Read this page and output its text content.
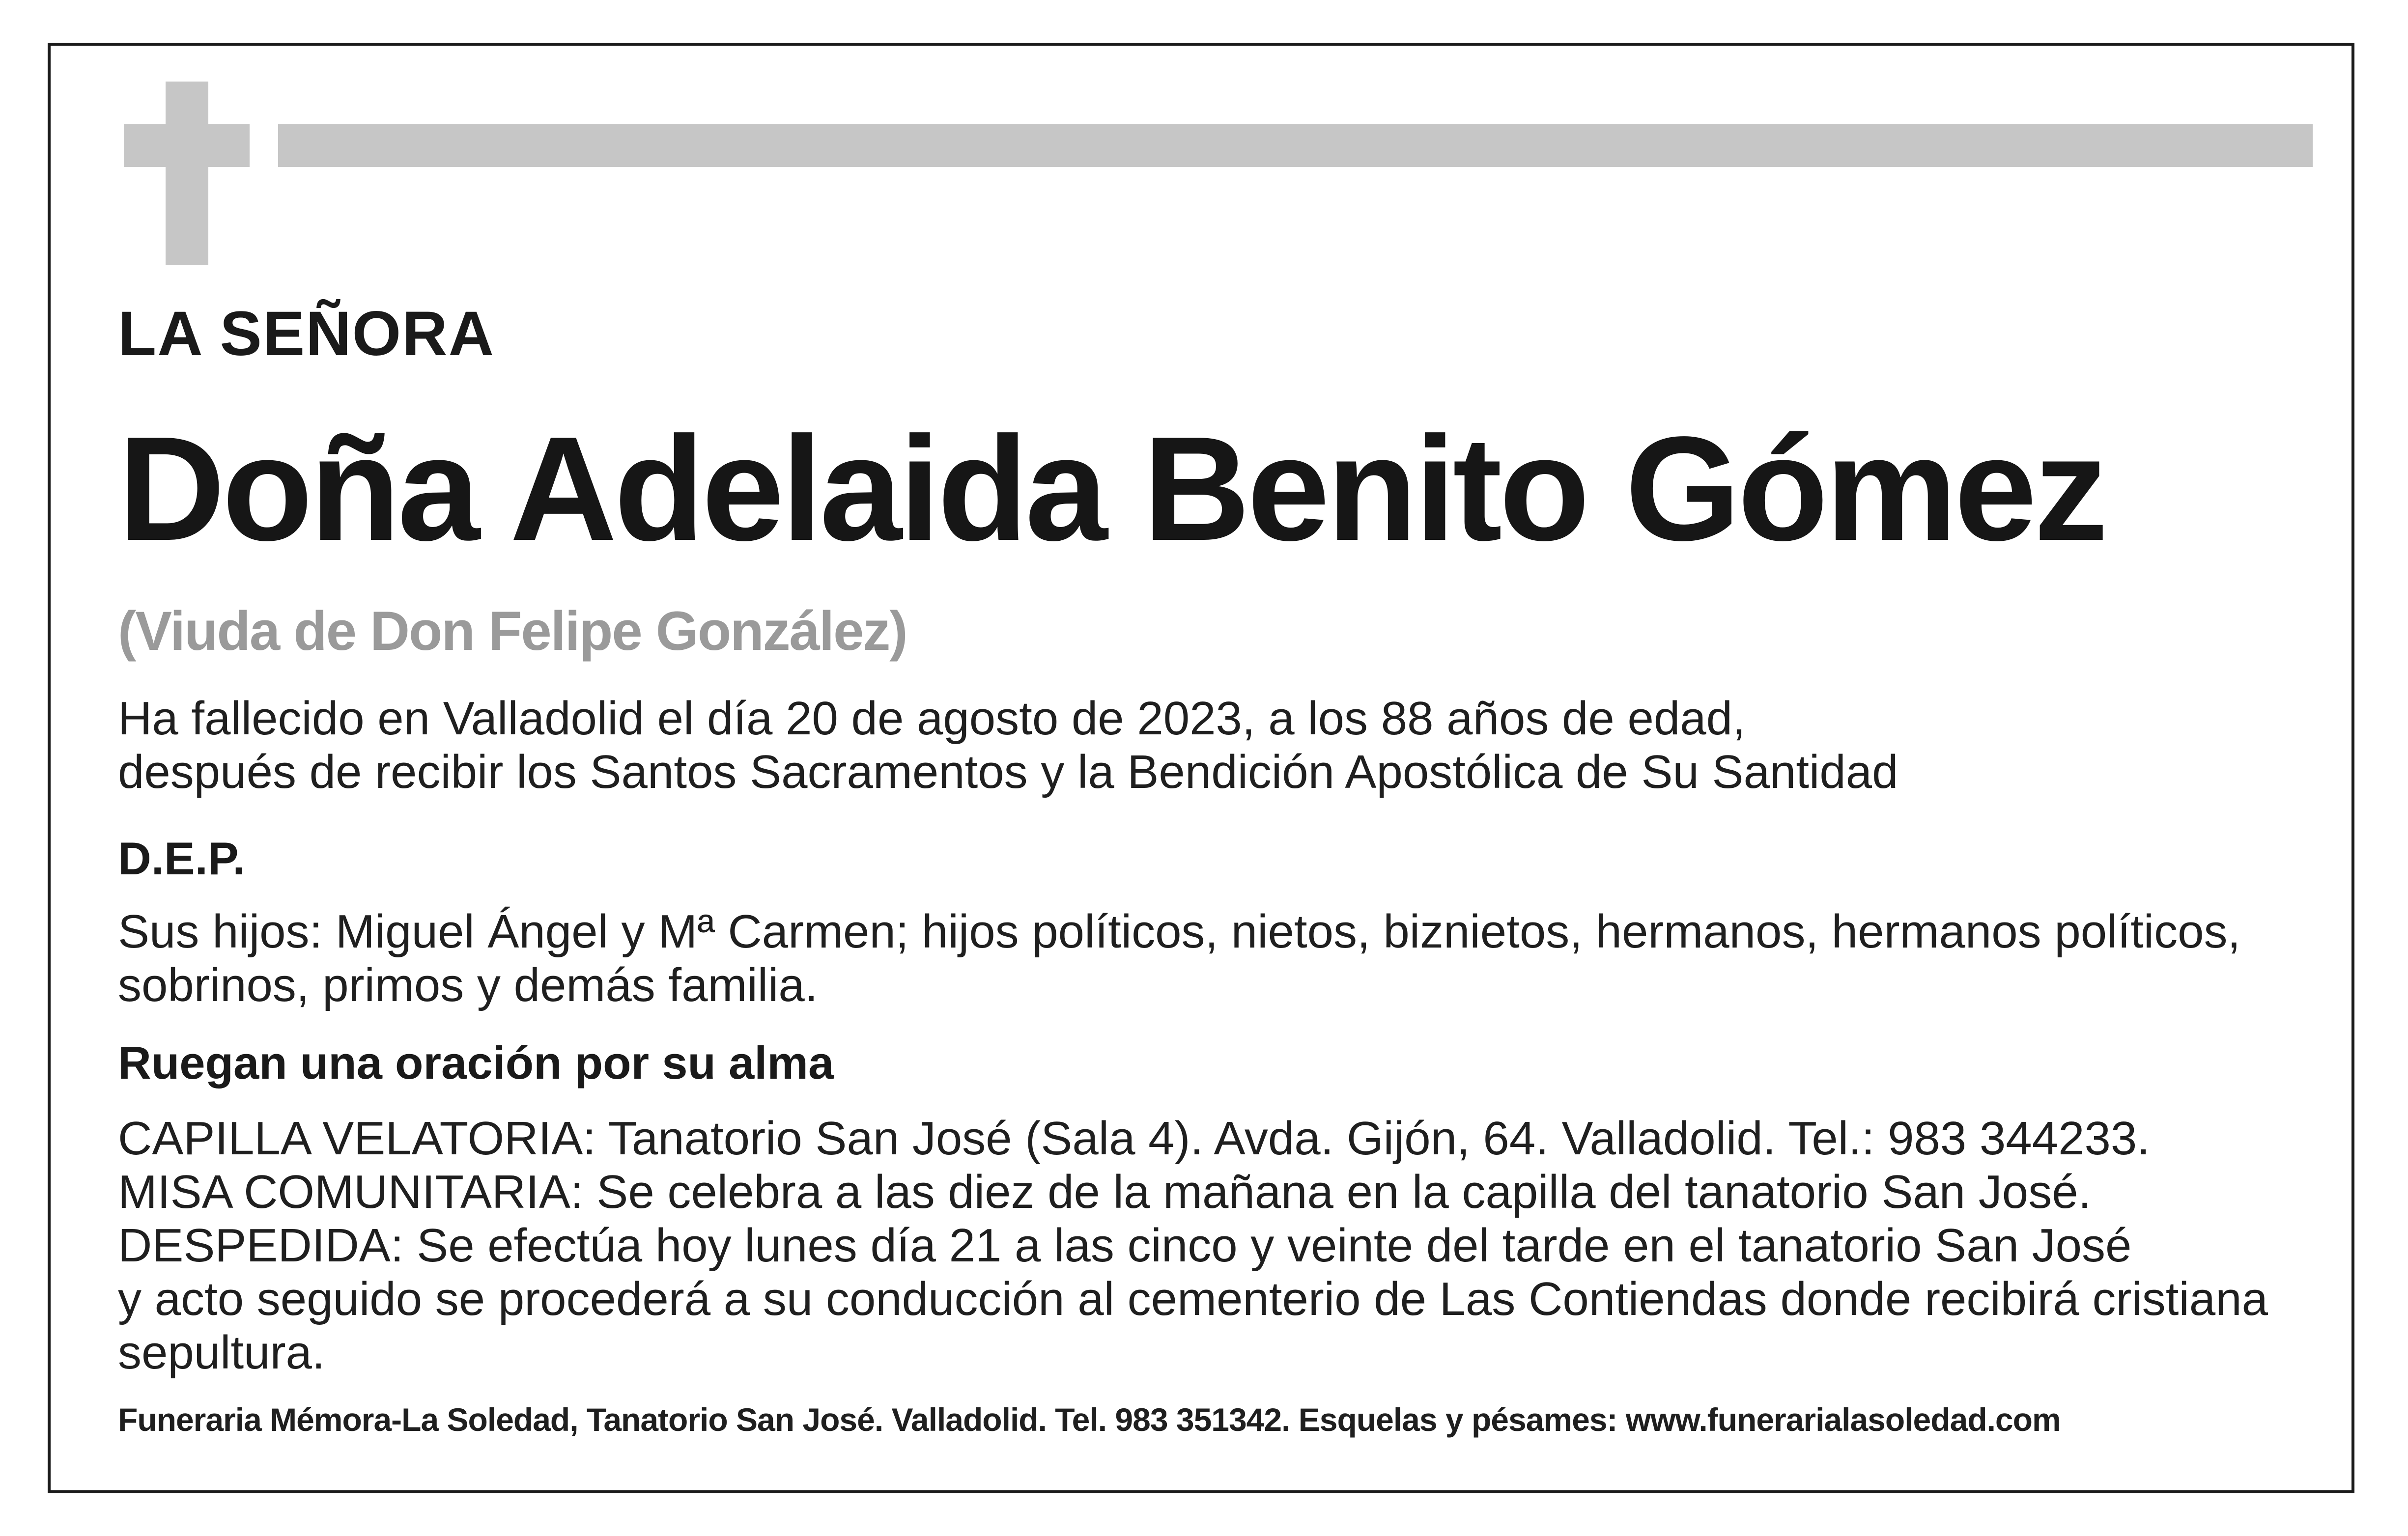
LA SEÑORA

Doña Adelaida Benito Gómez

(Viuda de Don Felipe González)

Ha fallecido en Valladolid el día 20 de agosto de 2023, a los 88 años de edad,
después de recibir los Santos Sacramentos y la Bendición Apostólica de Su Santidad

D.E.P.

Sus hijos: Miguel Ángel y Mª Carmen; hijos políticos, nietos, biznietos, hermanos, hermanos políticos,
sobrinos, primos y demás familia.

Ruegan una oración por su alma

CAPILLA VELATORIA: Tanatorio San José (Sala 4). Avda. Gijón, 64. Valladolid. Tel.: 983 344233.
MISA COMUNITARIA: Se celebra a las diez de la mañana en la capilla del tanatorio San José.
DESPEDIDA: Se efectúa hoy lunes día 21 a las cinco y veinte del tarde en el tanatorio San José
y acto seguido se procederá a su conducción al cementerio de Las Contiendas donde recibirá cristiana
sepultura.

Funeraria Mémora-La Soledad, Tanatorio San José. Valladolid. Tel. 983 351342. Esquelas y pésames: www.funerarialasoledad.com
